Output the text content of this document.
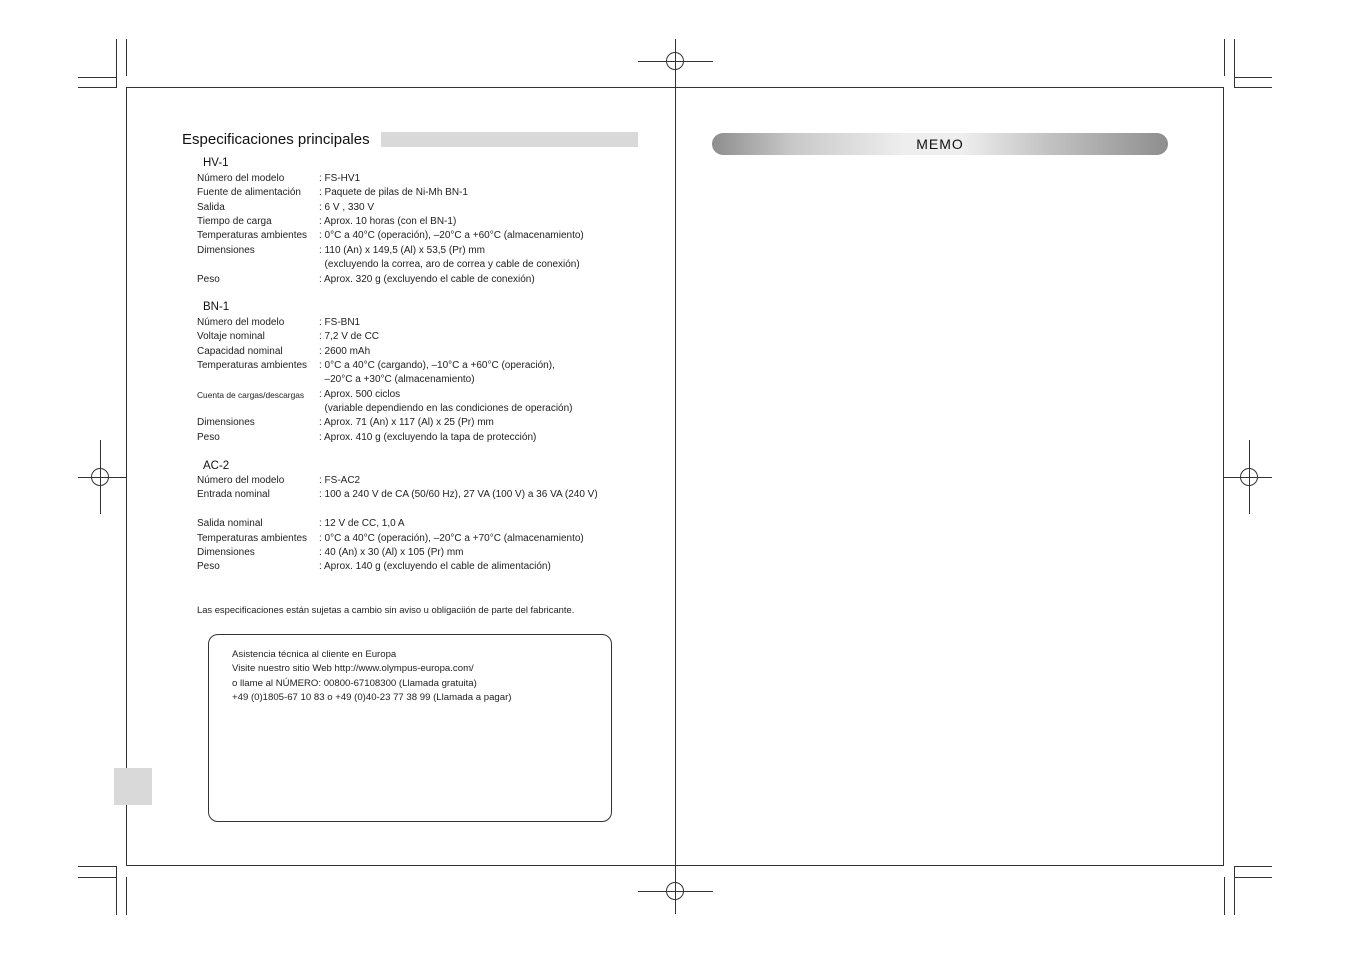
Especificaciones principales
HV-1
Número del modelo	: FS-HV1
Fuente de alimentación : Paquete de pilas de Ni-Mh BN-1
Salida	: 6 V , 330 V
Tiempo de carga	: Aprox. 10 horas (con el BN-1)
Temperaturas ambientes : 0°C a 40°C (operación), –20°C a +60°C (almacenamiento)
Dimensiones	: 110 (An) x 149,5 (Al) x 53,5 (Pr) mm
(excluyendo la correa, aro de correa y cable de conexión)
Peso	: Aprox. 320 g (excluyendo el cable de conexión)
BN-1
Número del modelo	: FS-BN1
Voltaje nominal	: 7,2 V de CC
Capacidad nominal	: 2600 mAh
Temperaturas ambientes : 0°C a 40°C (cargando), –10°C a +60°C (operación),
–20°C a +30°C (almacenamiento)
Cuenta de cargas/descargas : Aprox. 500 ciclos
(variable dependiendo en las condiciones de operación)
Dimensiones	: Aprox. 71 (An) x 117 (Al) x 25 (Pr) mm
Peso	: Aprox. 410 g (excluyendo la tapa de protección)
AC-2
Número del modelo	: FS-AC2
Entrada nominal	: 100 a 240 V de CA (50/60 Hz), 27 VA (100 V) a 36 VA (240 V)
Salida nominal	: 12 V de CC, 1,0 A
Temperaturas ambientes : 0°C a 40°C (operación), –20°C a +70°C (almacenamiento)
Dimensiones	: 40 (An) x 30 (Al) x 105 (Pr) mm
Peso	: Aprox. 140 g (excluyendo el cable de alimentación)
Las especificaciones están sujetas a cambio sin aviso u obligaciión de parte del fabricante.
Asistencia técnica al cliente en Europa
Visite nuestro sitio Web http://www.olympus-europa.com/
o llame al NÚMERO: 00800-67108300 (Llamada gratuita)
+49 (0)1805-67 10 83 o +49 (0)40-23 77 38 99 (Llamada a pagar)
MEMO
